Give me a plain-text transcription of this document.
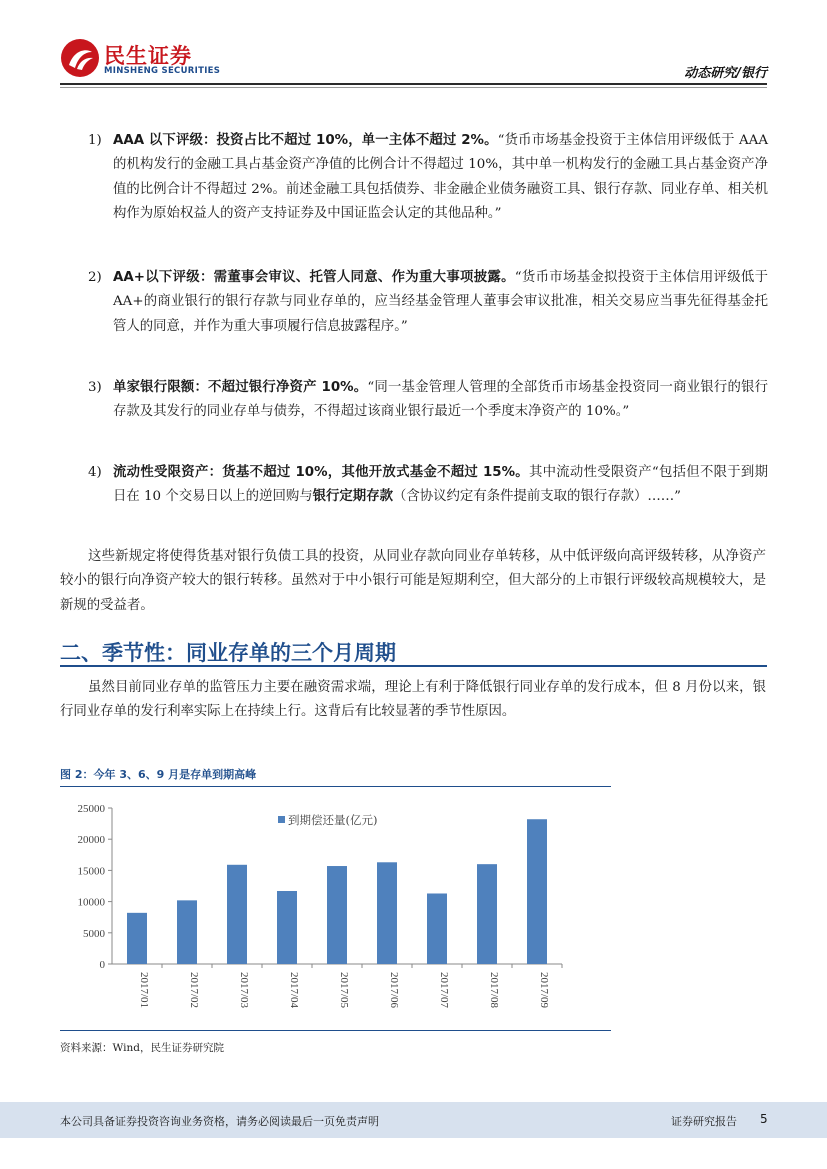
民生证券
MINSHENG SECURITIES	动态研究/银行
1) AAA 以下评级：投资占比不超过 10%，单一主体不超过 2%。“货币市场基金投资于主体信用评级低于 AAA 的机构发行的金融工具占基金资产净值的比例合计不得超过 10%，其中单一机构发行的金融工具占基金资产净值的比例合计不得超过 2%。前述金融工具包括债券、非金融企业债务融资工具、银行存款、同业存单、相关机构作为原始权益人的资产支持证券及中国证监会认定的其他品种。”
2) AA+以下评级：需董事会审议、托管人同意、作为重大事项披露。“货币市场基金拟投资于主体信用评级低于 AA+的商业银行的银行存款与同业存单的，应当经基金管理人董事会审议批准，相关交易应当事先征得基金托管人的同意，并作为重大事项履行信息披露程序。”
3) 单家银行限额：不超过银行净资产 10%。“同一基金管理人管理的全部货币市场基金投资同一商业银行的银行存款及其发行的同业存单与债券，不得超过该商业银行最近一个季度末净资产的 10%。”
4) 流动性受限资产：货基不超过 10%，其他开放式基金不超过 15%。其中流动性受限资产“包括但不限于到期日在 10 个交易日以上的逆回购与银行定期存款（含协议约定有条件提前支取的银行存款）……”
这些新规定将使得货基对银行负债工具的投资，从同业存款向同业存单转移，从中低评级向高评级转移，从净资产较小的银行向净资产较大的银行转移。虽然对于中小银行可能是短期利空，但大部分的上市银行评级较高规模较大，是新规的受益者。
二、季节性：同业存单的三个月周期
虽然目前同业存单的监管压力主要在融资需求端，理论上有利于降低银行同业存单的发行成本，但 8 月份以来，银行同业存单的发行利率实际上在持续上行。这背后有比较显著的季节性原因。
图 2：今年 3、6、9 月是存单到期高峰
0
5000
10000
15000
20000
25000
2017/01	2017/02	2017/03	2017/04	2017/05	2017/06	2017/07	2017/08	2017/09
到期偿还量(亿元)
资料来源：Wind，民生证券研究院
本公司具备证券投资咨询业务资格，请务必阅读最后一页免责声明	证券研究报告 5
